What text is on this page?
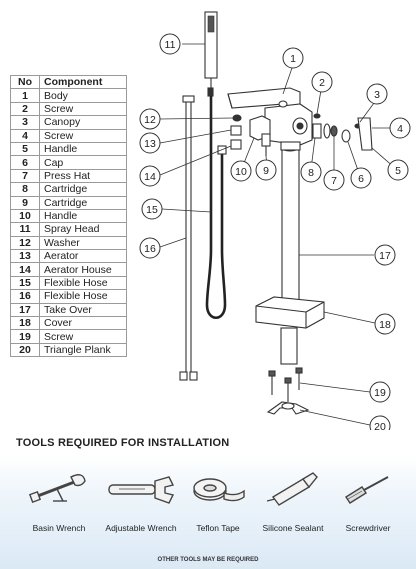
11
1
2
3
4
5
6
7
8
9
10
12
13
14
15
16
17
18
19
20
No	Component
1	Body
2	Screw
3	Canopy
4	Screw
5	Handle
6	Cap
7	Press Hat
8	Cartridge
9	Cartridge
10	Handle
11	Spray Head
12	Washer
13	Aerator
14	Aerator House
15	Flexible Hose
16	Flexible Hose
17	Take Over
18	Cover
19	Screw
20	Triangle Plank
TOOLS REQUIRED FOR INSTALLATION
Basin Wrench	Adjustable Wrench	Teflon Tape	Silicone Sealant	Screwdriver
OTHER TOOLS MAY BE REQUIRED
